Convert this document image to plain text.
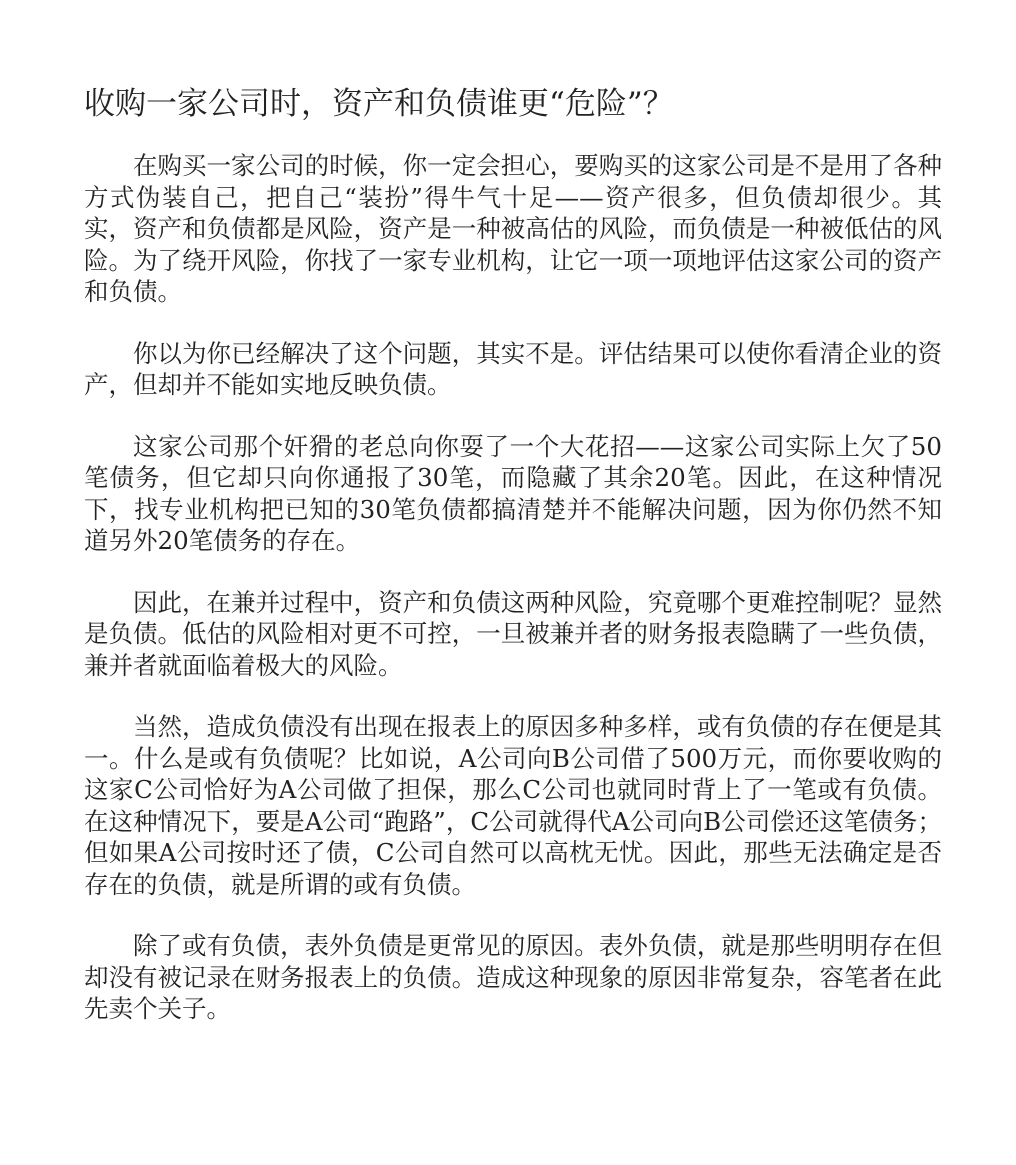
收购一家公司时，资产和负债谁更“危险”？

在购买一家公司的时候，你一定会担心，要购买的这家公司是不是用了各种方式伪装自己，把自己“装扮”得牛气十足——资产很多，但负债却很少。其实，资产和负债都是风险，资产是一种被高估的风险，而负债是一种被低估的风险。为了绕开风险，你找了一家专业机构，让它一项一项地评估这家公司的资产和负债。

你以为你已经解决了这个问题，其实不是。评估结果可以使你看清企业的资产，但却并不能如实地反映负债。

这家公司那个奸猾的老总向你耍了一个大花招——这家公司实际上欠了50笔债务，但它却只向你通报了30笔，而隐藏了其余20笔。因此，在这种情况下，找专业机构把已知的30笔负债都搞清楚并不能解决问题，因为你仍然不知道另外20笔债务的存在。

因此，在兼并过程中，资产和负债这两种风险，究竟哪个更难控制呢？显然是负债。低估的风险相对更不可控，一旦被兼并者的财务报表隐瞒了一些负债，兼并者就面临着极大的风险。

当然，造成负债没有出现在报表上的原因多种多样，或有负债的存在便是其一。什么是或有负债呢？比如说，A公司向B公司借了500万元，而你要收购的这家C公司恰好为A公司做了担保，那么C公司也就同时背上了一笔或有负债。在这种情况下，要是A公司“跑路”，C公司就得代A公司向B公司偿还这笔债务；但如果A公司按时还了债，C公司自然可以高枕无忧。因此，那些无法确定是否存在的负债，就是所谓的或有负债。

除了或有负债，表外负债是更常见的原因。表外负债，就是那些明明存在但却没有被记录在财务报表上的负债。造成这种现象的原因非常复杂，容笔者在此先卖个关子。
